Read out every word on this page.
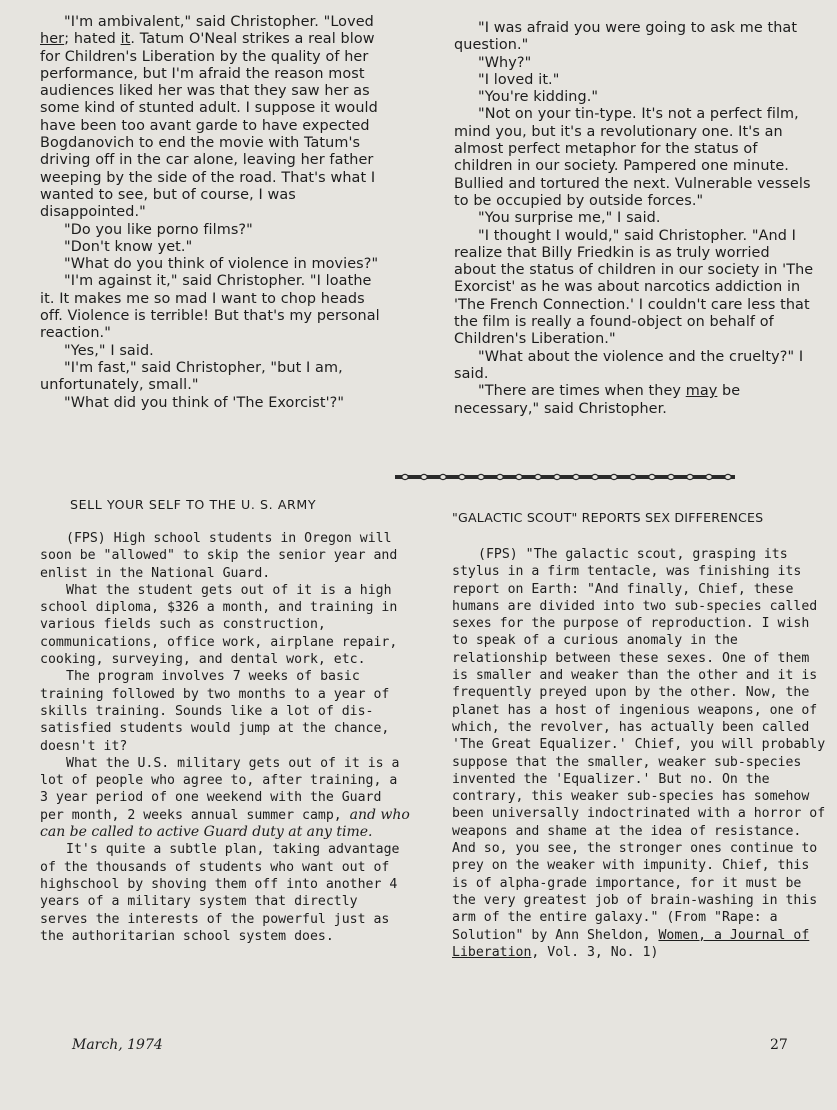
"I'm ambivalent," said Christopher. "Loved her; hated it. Tatum O'Neal strikes a real blow for Children's Liberation by the quality of her performance, but I'm afraid the reason most audiences liked her was that they saw her as some kind of stunted adult. I suppose it would have been too avant garde to have expected Bogdanovich to end the movie with Tatum's driving off in the car alone, leaving her father weeping by the side of the road. That's what I wanted to see, but of course, I was disappointed."

"Do you like porno films?"

"Don't know yet."

"What do you think of violence in movies?"

"I'm against it," said Christopher. "I loathe it. It makes me so mad I want to chop heads off. Violence is terrible! But that's my personal reaction."

"Yes," I said.

"I'm fast," said Christopher, "but I am, unfortunately, small."

"What did you think of 'The Exorcist'?"

"I was afraid you were going to ask me that question."

"Why?"

"I loved it."

"You're kidding."

"Not on your tin-type. It's not a perfect film, mind you, but it's a revolutionary one. It's an almost perfect metaphor for the status of children in our society. Pampered one minute. Bullied and tortured the next. Vulnerable vessels to be occupied by outside forces."

"You surprise me," I said.

"I thought I would," said Christopher. "And I realize that Billy Friedkin is as truly worried about the status of children in our society in 'The Exorcist' as he was about narcotics addiction in 'The French Connection.' I couldn't care less that the film is really a found-object on behalf of Children's Liberation."

"What about the violence and the cruelty?" I said.

"There are times when they may be necessary," said Christopher.

SELL YOUR SELF TO THE U. S. ARMY
"GALACTIC SCOUT" REPORTS SEX DIFFERENCES

(FPS) High school students in Oregon will soon be "allowed" to skip the senior year and enlist in the National Guard.

What the student gets out of it is a high school diploma, $326 a month, and training in various fields such as construction, communications, office work, airplane repair, cooking, surveying, and dental work, etc.

The program involves 7 weeks of basic training followed by two months to a year of skills training. Sounds like a lot of dis-satisfied students would jump at the chance, doesn't it?

What the U.S. military gets out of it is a lot of people who agree to, after training, a 3 year period of one weekend with the Guard per month, 2 weeks annual summer camp, and who can be called to active Guard duty at any time.

It's quite a subtle plan, taking advantage of the thousands of students who want out of highschool by shoving them off into another 4 years of a military system that directly serves the interests of the powerful just as the authoritarian school system does.

(FPS) "The galactic scout, grasping its stylus in a firm tentacle, was finishing its report on Earth: "And finally, Chief, these humans are divided into two sub-species called sexes for the purpose of reproduction. I wish to speak of a curious anomaly in the relationship between these sexes. One of them is smaller and weaker than the other and it is frequently preyed upon by the other. Now, the planet has a host of ingenious weapons, one of which, the revolver, has actually been called 'The Great Equalizer.' Chief, you will probably suppose that the smaller, weaker sub-species invented the 'Equalizer.' But no. On the contrary, this weaker sub-species has somehow been universally indoctrinated with a horror of weapons and shame at the idea of resistance. And so, you see, the stronger ones continue to prey on the weaker with impunity. Chief, this is of alpha-grade importance, for it must be the very greatest job of brain-washing in this arm of the entire galaxy." (From "Rape: a Solution" by Ann Sheldon, Women, a Journal of Liberation, Vol. 3, No. 1)

March, 1974	27
